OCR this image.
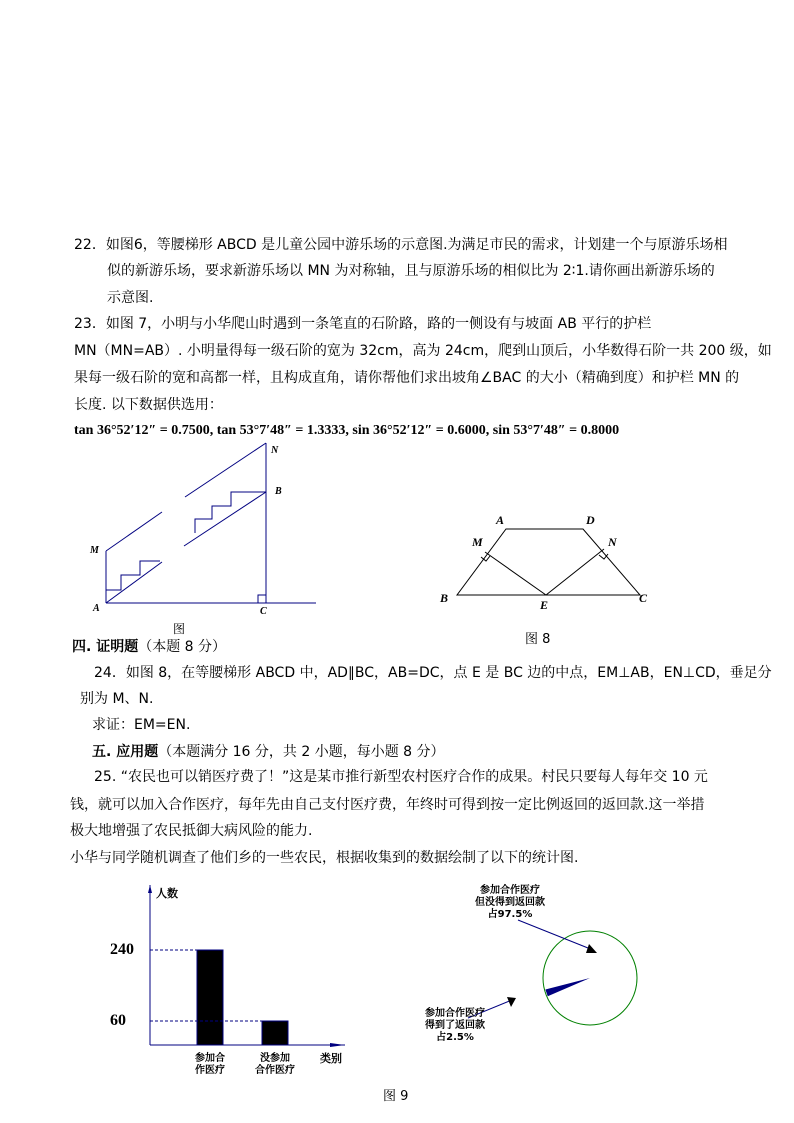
22．如图6，等腰梯形 ABCD 是儿童公园中游乐场的示意图.为满足市民的需求，计划建一个与原游乐场相
似的新游乐场，要求新游乐场以 MN 为对称轴，且与原游乐场的相似比为 2∶1.请你画出新游乐场的
示意图.
23．如图 7，小明与小华爬山时遇到一条笔直的石阶路，路的一侧设有与坡面 AB 平行的护栏
MN（MN=AB）. 小明量得每一级石阶的宽为 32cm，高为 24cm，爬到山顶后，小华数得石阶一共 200 级，如
果每一级石阶的宽和高都一样，且构成直角，请你帮他们求出坡角∠BAC 的大小（精确到度）和护栏 MN 的
长度. 以下数据供选用：
tan 36°52′12″ = 0.7500, tan 53°7′48″ = 1.3333, sin 36°52′12″ = 0.6000, sin 53°7′48″ = 0.8000
N
B
M
A	C
图
A	D
M	N
B	E	C
图 8
四. 证明题（本题 8 分）
24．如图 8，在等腰梯形 ABCD 中，AD∥BC，AB=DC，点 E 是 BC 边的中点，EM⊥AB，EN⊥CD，垂足分
别为 M、N.
求证：EM=EN.
五. 应用题（本题满分 16 分，共 2 小题，每小题 8 分）
25. “农民也可以销医疗费了！”这是某市推行新型农村医疗合作的成果。村民只要每人每年交 10 元
钱，就可以加入合作医疗，每年先由自己支付医疗费，年终时可得到按一定比例返回的返回款.这一举措
极大地增强了农民抵御大病风险的能力.
小华与同学随机调查了他们乡的一些农民，根据收集到的数据绘制了以下的统计图.
图 9
人数
类别
240
参加合
作医疗
60
没参加
合作医疗
参加合作医疗
但没得到返回款
占97.5%
参加合作医疗
得到了返回款
占2.5%
